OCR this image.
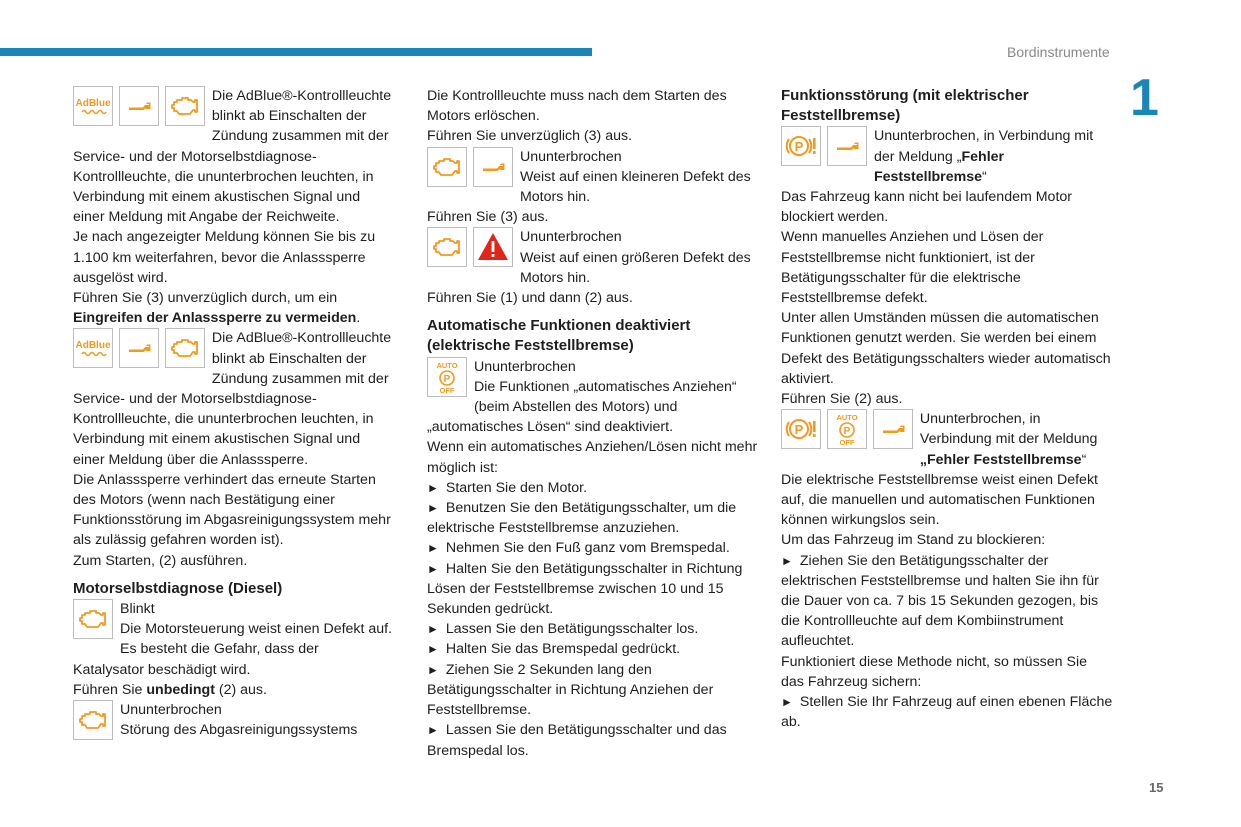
Bordinstrumente
1
15
AdBlue

	Die AdBlue®-Kontrollleuchte blinkt ab Einschalten der Zündung zusammen mit der Service- und der Motorselbstdiagnose-Kontrollleuchte, die ununterbrochen leuchten, in Verbindung mit einem akustischen Signal und einer Meldung mit Angabe der Reichweite.

Je nach angezeigter Meldung können Sie bis zu 1.100 km weiterfahren, bevor die Anlasssperre ausgelöst wird.

Führen Sie (3) unverzüglich durch, um ein
Eingreifen der Anlasssperre zu vermeiden.

AdBlue

	Die AdBlue®-Kontrollleuchte blinkt ab Einschalten der Zündung zusammen mit der Service- und der Motorselbstdiagnose-Kontrollleuchte, die ununterbrochen leuchten, in Verbindung mit einem akustischen Signal und einer Meldung über die Anlasssperre.

Die Anlasssperre verhindert das erneute Starten des Motors (wenn nach Bestätigung einer Funktionsstörung im Abgasreinigungssystem mehr als zulässig gefahren worden ist).

Zum Starten, (2) ausführen.

Motorselbstdiagnose (Diesel)

Blinkt

Die Motorsteuerung weist einen Defekt auf. Es besteht die Gefahr, dass der Katalysator beschädigt wird.

Führen Sie unbedingt (2) aus.

Ununterbrochen

Störung des Abgasreinigungssystems

Die Kontrollleuchte muss nach dem Starten des Motors erlöschen.

Führen Sie unverzüglich (3) aus.

Ununterbrochen

Weist auf einen kleineren Defekt des Motors hin.

Führen Sie (3) aus.

Ununterbrochen

Weist auf einen größeren Defekt des Motors hin.

Führen Sie (1) und dann (2) aus.

Automatische Funktionen deaktiviert (elektrische Feststellbremse)
AUTO
P
OFF

Ununterbrochen

Die Funktionen „automatisches Anziehen“ (beim Abstellen des Motors) und „automatisches Lösen“ sind deaktiviert.

Wenn ein automatisches Anziehen/Lösen nicht mehr möglich ist:

► Starten Sie den Motor.

► Benutzen Sie den Betätigungsschalter, um die elektrische Feststellbremse anzuziehen.

► Nehmen Sie den Fuß ganz vom Bremspedal.

► Halten Sie den Betätigungsschalter in Richtung Lösen der Feststellbremse zwischen 10 und 15 Sekunden gedrückt.

► Lassen Sie den Betätigungsschalter los.

► Halten Sie das Bremspedal gedrückt.

► Ziehen Sie 2 Sekunden lang den Betätigungsschalter in Richtung Anziehen der Feststellbremse.

► Lassen Sie den Betätigungsschalter und das Bremspedal los.

Funktionsstörung (mit elektrischer Feststellbremse)

Ununterbrochen, in Verbindung mit der Meldung „Fehler Feststellbremse“

Das Fahrzeug kann nicht bei laufendem Motor blockiert werden.

Wenn manuelles Anziehen und Lösen der Feststellbremse nicht funktioniert, ist der Betätigungsschalter für die elektrische Feststellbremse defekt.

Unter allen Umständen müssen die automatischen Funktionen genutzt werden. Sie werden bei einem Defekt des Betätigungsschalters wieder automatisch aktiviert.

Führen Sie (2) aus.

AUTO
P
OFF

Ununterbrochen, in Verbindung mit der Meldung „Fehler Feststellbremse“

Die elektrische Feststellbremse weist einen Defekt auf, die manuellen und automatischen Funktionen können wirkungslos sein.

Um das Fahrzeug im Stand zu blockieren:

► Ziehen Sie den Betätigungsschalter der elektrischen Feststellbremse und halten Sie ihn für die Dauer von ca. 7 bis 15 Sekunden gezogen, bis die Kontrollleuchte auf dem Kombiinstrument aufleuchtet.

Funktioniert diese Methode nicht, so müssen Sie das Fahrzeug sichern:

► Stellen Sie Ihr Fahrzeug auf einen ebenen Fläche ab.
